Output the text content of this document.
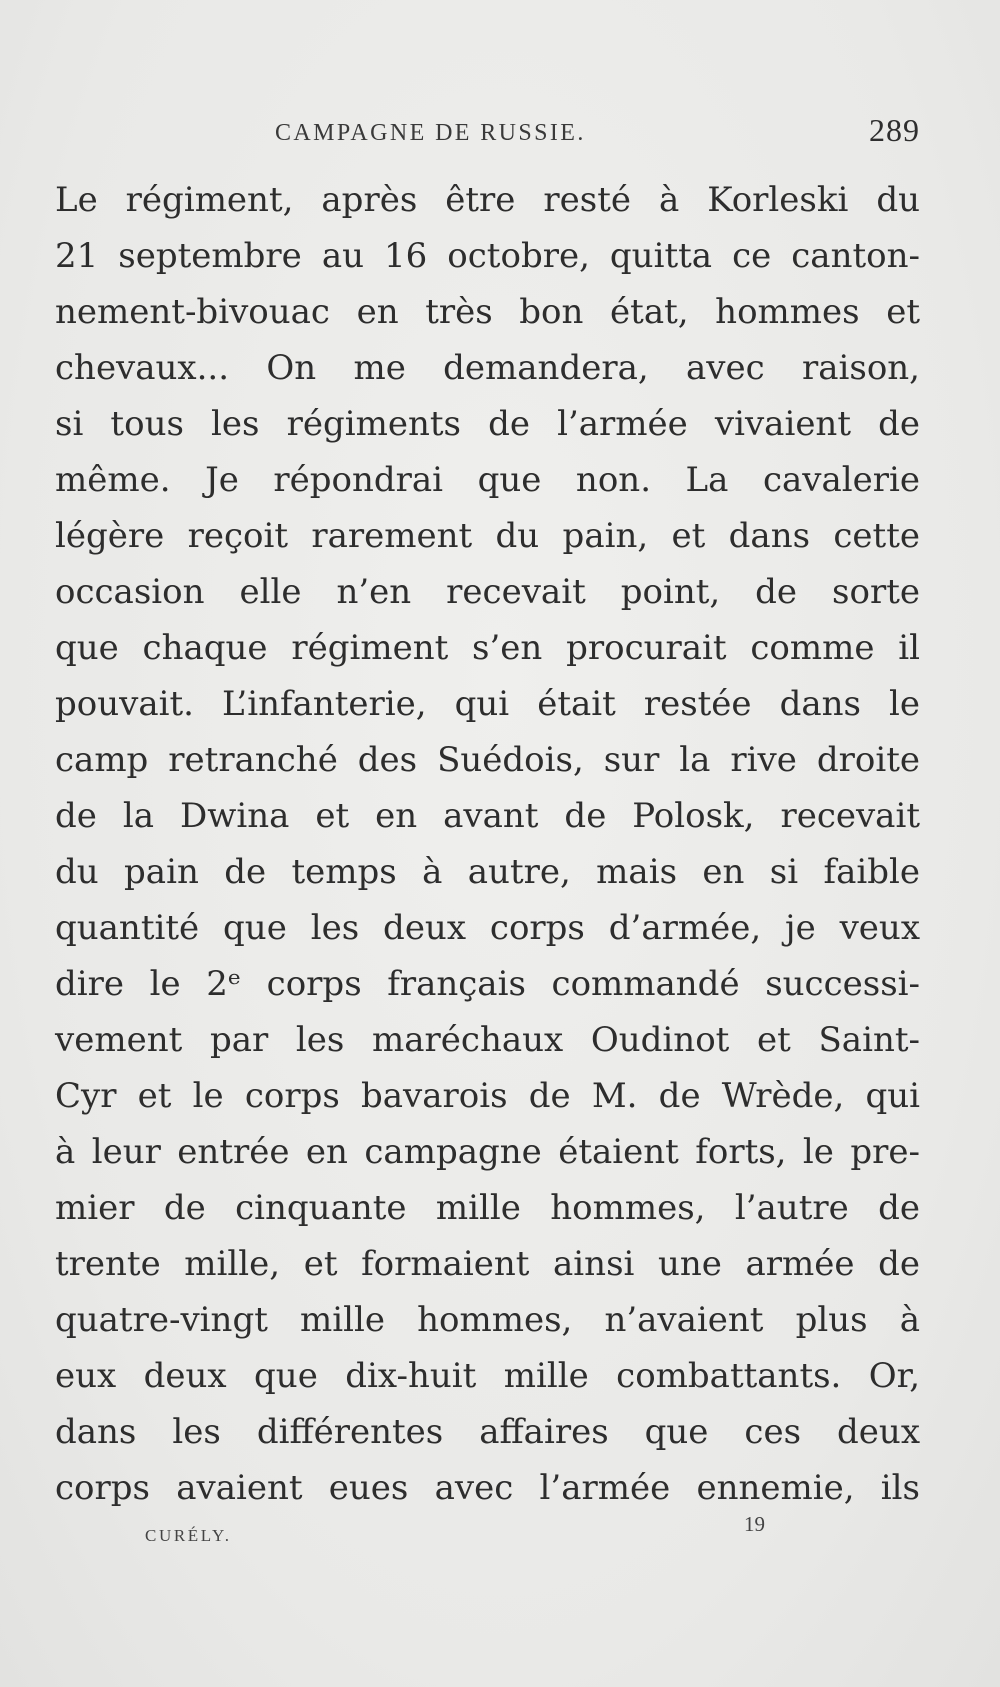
CAMPAGNE DE RUSSIE.	289
Le régiment, après être resté à Korleski du
21 septembre au 16 octobre, quitta ce canton-
nement-bivouac en très bon état, hommes et
chevaux... On me demandera, avec raison,
si tous les régiments de l’armée vivaient de
même. Je répondrai que non. La cavalerie
légère reçoit rarement du pain, et dans cette
occasion elle n’en recevait point, de sorte
que chaque régiment s’en procurait comme il
pouvait. L’infanterie, qui était restée dans le
camp retranché des Suédois, sur la rive droite
de la Dwina et en avant de Polosk, recevait
du pain de temps à autre, mais en si faible
quantité que les deux corps d’armée, je veux
dire le 2ᵉ corps français commandé successi-
vement par les maréchaux Oudinot et Saint-
Cyr et le corps bavarois de M. de Wrède, qui
à leur entrée en campagne étaient forts, le pre-
mier de cinquante mille hommes, l’autre de
trente mille, et formaient ainsi une armée de
quatre-vingt mille hommes, n’avaient plus à
eux deux que dix-huit mille combattants. Or,
dans les différentes affaires que ces deux
corps avaient eues avec l’armée ennemie, ils
CURÉLY.	19
